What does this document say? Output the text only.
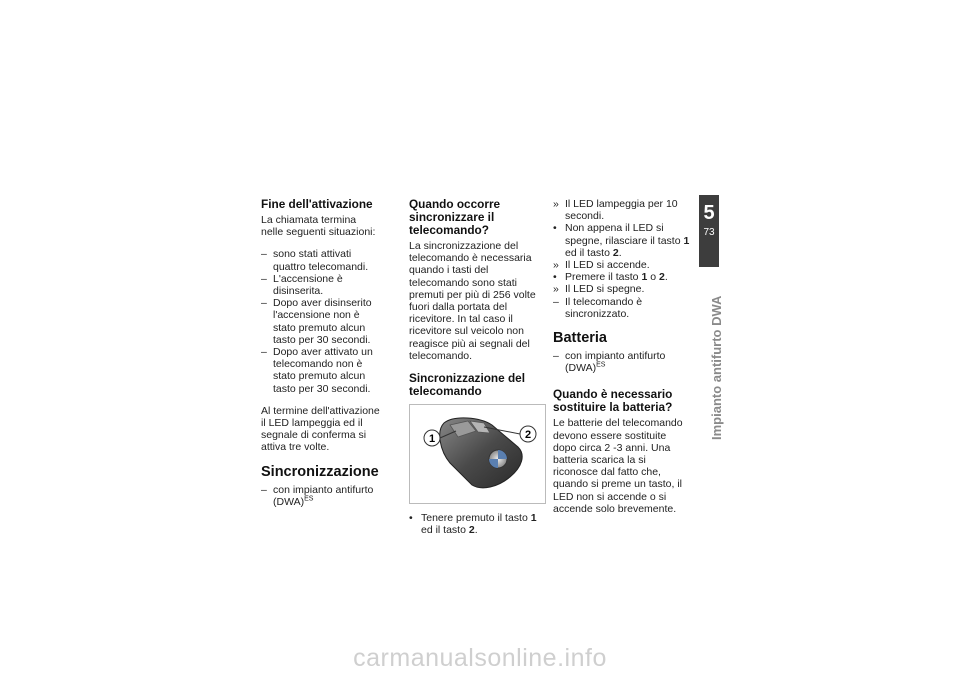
Fine dell'attivazione

La chiamata termina nelle seguenti situazioni:

– sono stati attivati quattro telecomandi.
– L'accensione è disinserita.
– Dopo aver disinserito l'accensione non è stato premuto alcun tasto per 30 secondi.
– Dopo aver attivato un telecomando non è stato premuto alcun tasto per 30 secondi.

Al termine dell'attivazione il LED lampeggia ed il segnale di conferma si attiva tre volte.

Sincronizzazione
– con impianto antifurto (DWA)$^{ES}$
Quando occorre sincronizzare il telecomando?

La sincronizzazione del telecomando è necessaria quando i tasti del telecomando sono stati premuti per più di 256 volte fuori dalla portata del ricevitore. In tal caso il ricevitore sul veicolo non reagisce più ai segnali del telecomando.

Sincronizzazione del telecomando
1	2
• Tenere premuto il tasto 1 ed il tasto 2.
» Il LED lampeggia per 10 secondi.
• Non appena il LED si spegne, rilasciare il tasto 1 ed il tasto 2.
» Il LED si accende.
• Premere il tasto 1 o 2.
» Il LED si spegne.
– Il telecomando è sincronizzato.
Batteria
– con impianto antifurto (DWA)$^{ES}$
Quando è necessario sostituire la batteria?

Le batterie del telecomando devono essere sostituite dopo circa 2 -3 anni. Una batteria scarica la si riconosce dal fatto che, quando si preme un tasto, il LED non si accende o si accende solo brevemente.

5
73
Impianto antifurto DWA
carmanualsonline.info
